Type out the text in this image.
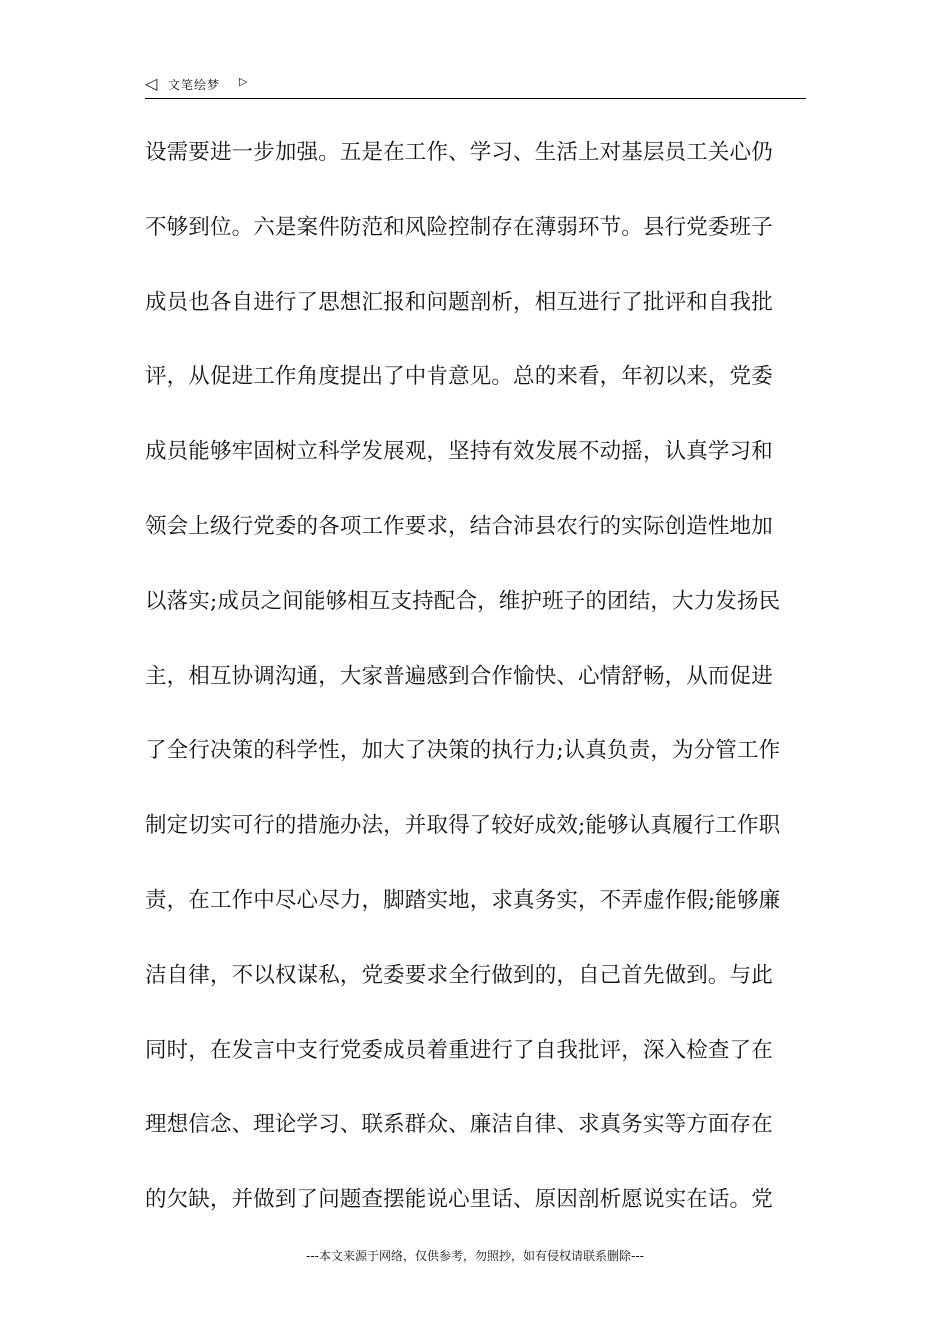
◁ 文笔绘梦 ▷
设需要进一步加强。五是在工作、学习、生活上对基层员工关心仍
不够到位。六是案件防范和风险控制存在薄弱环节。县行党委班子
成员也各自进行了思想汇报和问题剖析，相互进行了批评和自我批
评，从促进工作角度提出了中肯意见。总的来看，年初以来，党委
成员能够牢固树立科学发展观，坚持有效发展不动摇，认真学习和
领会上级行党委的各项工作要求，结合沛县农行的实际创造性地加
以落实;成员之间能够相互支持配合，维护班子的团结，大力发扬民
主，相互协调沟通，大家普遍感到合作愉快、心情舒畅，从而促进
了全行决策的科学性，加大了决策的执行力;认真负责，为分管工作
制定切实可行的措施办法，并取得了较好成效;能够认真履行工作职
责，在工作中尽心尽力，脚踏实地，求真务实，不弄虚作假;能够廉
洁自律，不以权谋私，党委要求全行做到的，自己首先做到。与此
同时，在发言中支行党委成员着重进行了自我批评，深入检查了在
理想信念、理论学习、联系群众、廉洁自律、求真务实等方面存在
的欠缺，并做到了问题查摆能说心里话、原因剖析愿说实在话。党
---本文来源于网络，仅供参考，勿照抄，如有侵权请联系删除---
